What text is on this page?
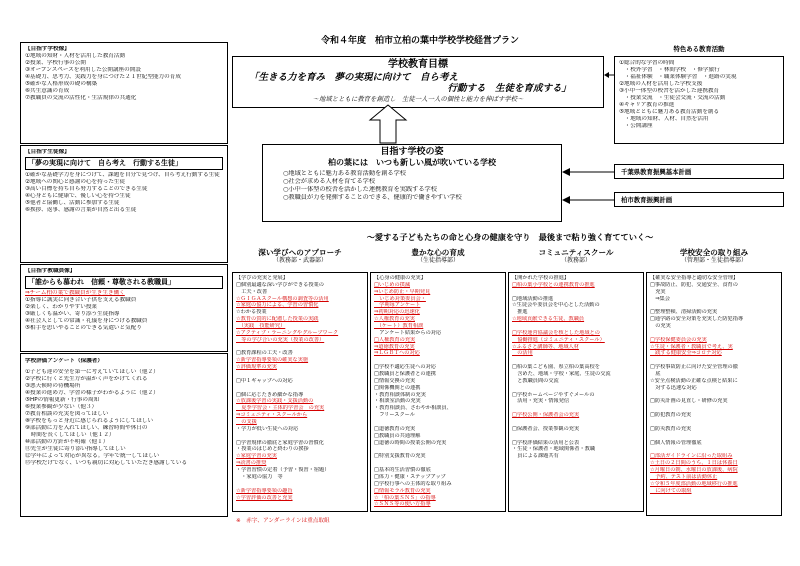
令和４年度　柏市立柏の葉中学校学校経営プラン
【目指す学校像】
①地域の知財・人材を活用した教育活動
②授業、学校行事の公開
③オープンスペースを利用した公開講座の開設
④基礎力、思考力、実践力を身につけた２１世紀型能力の育成
⑤確かな人格形成の礎の構築
⑥共生意識の育成
⑦教職員の交流の活性化・生活規律の共通化
【目指す生徒像】
「夢の実現に向けて　自ら考え　行動する生徒」
①確かな基礎学力を身につけて、課題を自分で見つけ、自ら考え行動する生徒
②地域への関心と感謝の心を持った生徒
③高い目標を持ち自ら努力することのできる生徒
④心身ともに健康で、優しい心を持つ生徒
⑤他者と協働し、活動に参加する生徒
⑥挨拶、返事、感謝の言葉が自然と出る生徒
【目指す教職員像】
「誰からも慕われ　信頼・尊敬される教職員」
⇒チーム柏の葉で教職員が生き生き働く
①指導に誠実に向き合い子供を支える教職員
②楽しく、わかりやすい授業
③厳しくも温かい、寄り添う生徒指導
④社会人としての常識・礼儀を身につける教職員
⑤相手を思いやることのできる気遣いと気配り
学校評価アンケート（保護者）
①子ども達の安全を第一に考えていてほしい（他２）
②学校に行くと先生方が温かく声をかけてくれる
③悪天候時の待機場所
④授業の進め方、学習の様子がわかるように（他２）
⑤HPの情報更新・行事の周知
⑥授業参観が少ない（他３）
⑦教育相談の充実を図ってほしい
⑧学校をもっと身近に感じられるようにしてほしい
⑨部活動に力を入れてほしい、練習時間や休日の
　時間を長くしてほしい（他１２）
⑩部活動の方針が不明確（他１）
⑪先生が生徒に寄り添い指導してほしい
⑫学年によって対応が異なる。学年で統一してほしい
⑬学校だけでなく、いつも親切に対応していただき感謝している
※　赤字、アンダーラインは重点取組
学校教育目標
「生きる力を育み　夢の実現に向けて　自ら考え
行動する　生徒を育成する」
～地域とともに教育を創造し　生徒一人一人の個性と能力を伸ばす学校～
目指す学校の姿
柏の葉には　いつも新しい風が吹いている学校
○地域とともに魅力ある教育活動を創る学校
○社会が求める人材を育てる学校
○小中一体型の校舎を活かした連携教育を実践する学校
○教職員が力を発揮することのできる、健康的で働きやすい学校
特色ある教育活動
①総合的な学習の時間
　・校外学習　・林間学校　・修学旅行
　・福祉体験　・職業体験学習　・進路の実現
②地域の人材を活用した学校支援
③小中一体型の校舎を活かした連携教育
　・授業交流　・生徒会交流・交流の活動
④キャリア教育の推進
⑤地域とともに魅力ある教育活動を創る
　・地域の知財、人材、自然を活用
　・公開講座
千葉県教育振興基本計画
柏市教育振興計画
～愛する子どもたちの命と心身の健康を守り　最後まで粘り強く育てていく～
深い学びへのアプローチ
（教務部・武器部）
【学びの充実と発展】
□個別最適な深い学びができる授業の
　工夫・改善
☆ＧＩＧＡスクール構想の調査等の活用
☆家庭の協力による、学習の習慣化
☆わかる授業
☆教育の質的に配慮した授業の実践
　（実践　技能研究）
☆アクティブ・ラーニングやグループワーク
　等の学び合いの充実（授業の改善）

□教育課程の工夫・改善
☆新学習指導要領の確実な実施
☆評価規準の充実

□中１ギャップへの対応

□個に応じたきめ細かな指導
☆放課後学習の実践・支援活動の
　夏季学習会・主体的学習会　の充実
⇒コミュニティ・スクールから
　の支援
・学力が低い生徒への対応

□学習規律の徹底と家庭学習の習慣化
・授業のはじめと終わりの挨拶
☆家庭学習の充実
⇒読書の推奨
・学習習慣の定着（予習・復習・宿題）
　・家庭の協力　等

☆新学習指導要領の趣旨
☆学習評価の改善と充実
豊かな心の育成
（生徒指導部）
【心身の健康の充実】
□いじめの撲滅
⇒いじめ防止・早期発見
　いじめ対策委員会・
　学期毎アンケート
⇒初期対応の迅速化
☆人権教育の充実
　（ケート）教育相談
　アンケート結果からの対応
□人権教育の充実
⇒道徳教育の充実
⇒ＬＧＢＴへの対応

□学校不適応生徒への対応
□教職員と保護者との連携
□情報交換の充実
□関係機関との連携
・教育相談体制の充実
・相談室活動の充実
・教育相談員、さわやか相談員、
　フリースクール

□道徳教育の充実
□教職員の共通理解
□道徳の時間の授業公開の充実

□特別支援教育の充実

□基本的生活習慣の徹底
□体力・健康・ステップアップ
□学校行事への主体的な取り組み
□情報モラル教育の充実
☆「柏の葉ＳＮＳ」の指導
☆ＳＮＳ等の使い方指導
コミュニティスクール
（教務部）
【開かれた学校の推進】
□柏の葉小学校との連携教育の推進

□地域活動の推進
☆生徒会や委員会を中心とした活動の
　推進
☆地域貢献できる生徒、教職員

□学校運営協議会を核とした地域との
　協働推進（コミュニティ・スクール）
☆ふるさと講師等、地域人材
　の活用

□柏の葉こども園、県立柏の葉高校を
　含めた、地域・学校・家庭、生徒の交流
　と教職員間の交流

□学校ホームページやすぐメールの
　活用・充実・情報発信

□学校公開・保護者会の充実

□保護者会、授業参観の充実

□学校評価結果の活用と公表
・生徒・保護者・地域関係者・教職
　員による課題共有
学校安全の取り組み
（管理部・生徒指導部）
【確実な安全指導と適切な安全管理】
□事故防止、防犯、交通安全、食育の
　充実
　⇒集会

□整理整頓、清掃活動の充実
□通学路の安全対策を充実した防犯指導
　の充実

□学校保健委員会の充実
☆生徒・保護者・教職員で考え、実
　践する健康安全⇒コロナ対応

□学校事故防止に向けた安全管理の徹
　底
☆安全点検活動の正確な点検と結果に
　対する迅速な対応

□防災計画の見直し・研修の充実

□防犯教育の充実

□防災教育の充実

□個人情報の管理徹底

□部活ガイドラインに沿った取組み
☆土日の２日間のうち、１日は休養日
☆月曜日の朝、水曜日の放課後、病院
　予約、テスト前は活動休止
☆令和５年度部活動の地域移行の推進
　に向けての取組
